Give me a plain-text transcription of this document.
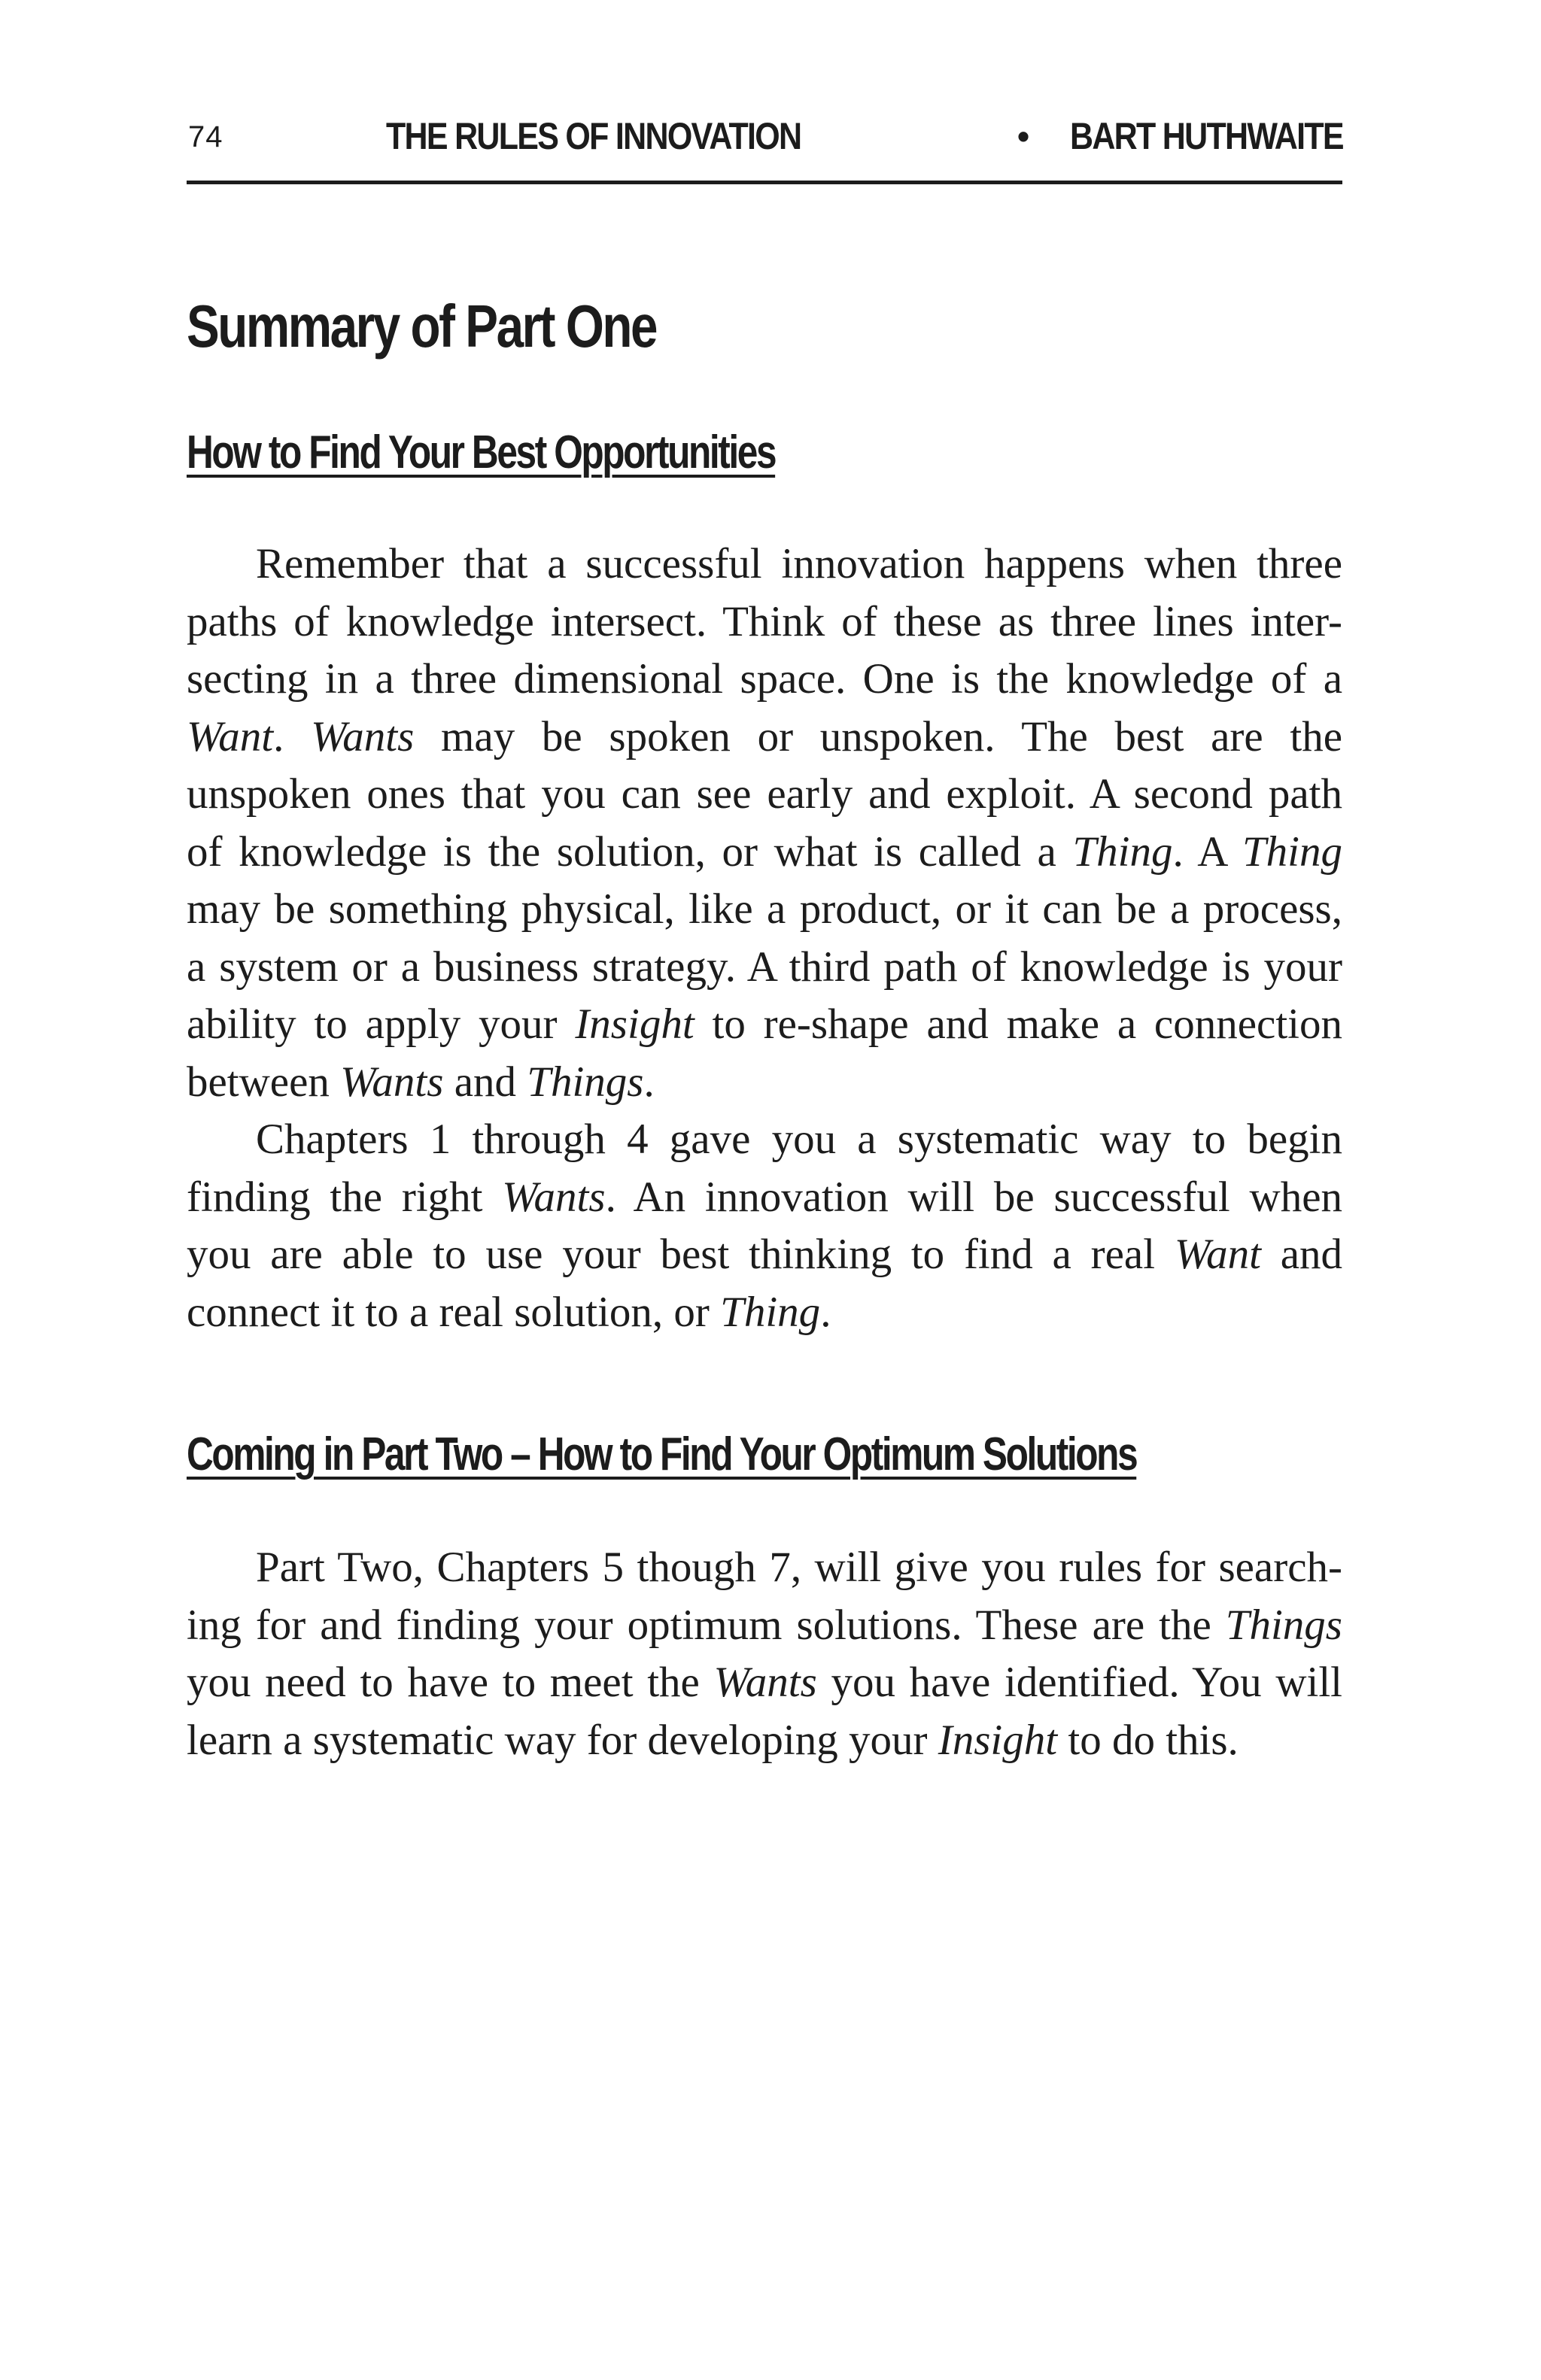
74	THE RULES OF INNOVATION	• BART HUTHWAITE
Summary of Part One
How to Find Your Best Opportunities
Remember that a successful innovation happens when three
paths of knowledge intersect. Think of these as three lines inter-
secting in a three dimensional space. One is the knowledge of a
Want. Wants may be spoken or unspoken. The best are the
unspoken ones that you can see early and exploit. A second path
of knowledge is the solution, or what is called a Thing. A Thing
may be something physical, like a product, or it can be a process,
a system or a business strategy. A third path of knowledge is your
ability to apply your Insight to re-shape and make a connection
between Wants and Things.
Chapters 1 through 4 gave you a systematic way to begin
finding the right Wants. An innovation will be successful when
you are able to use your best thinking to find a real Want and
connect it to a real solution, or Thing.
Coming in Part Two – How to Find Your Optimum Solutions
Part Two, Chapters 5 though 7, will give you rules for search-
ing for and finding your optimum solutions. These are the Things
you need to have to meet the Wants you have identified. You will
learn a systematic way for developing your Insight to do this.
